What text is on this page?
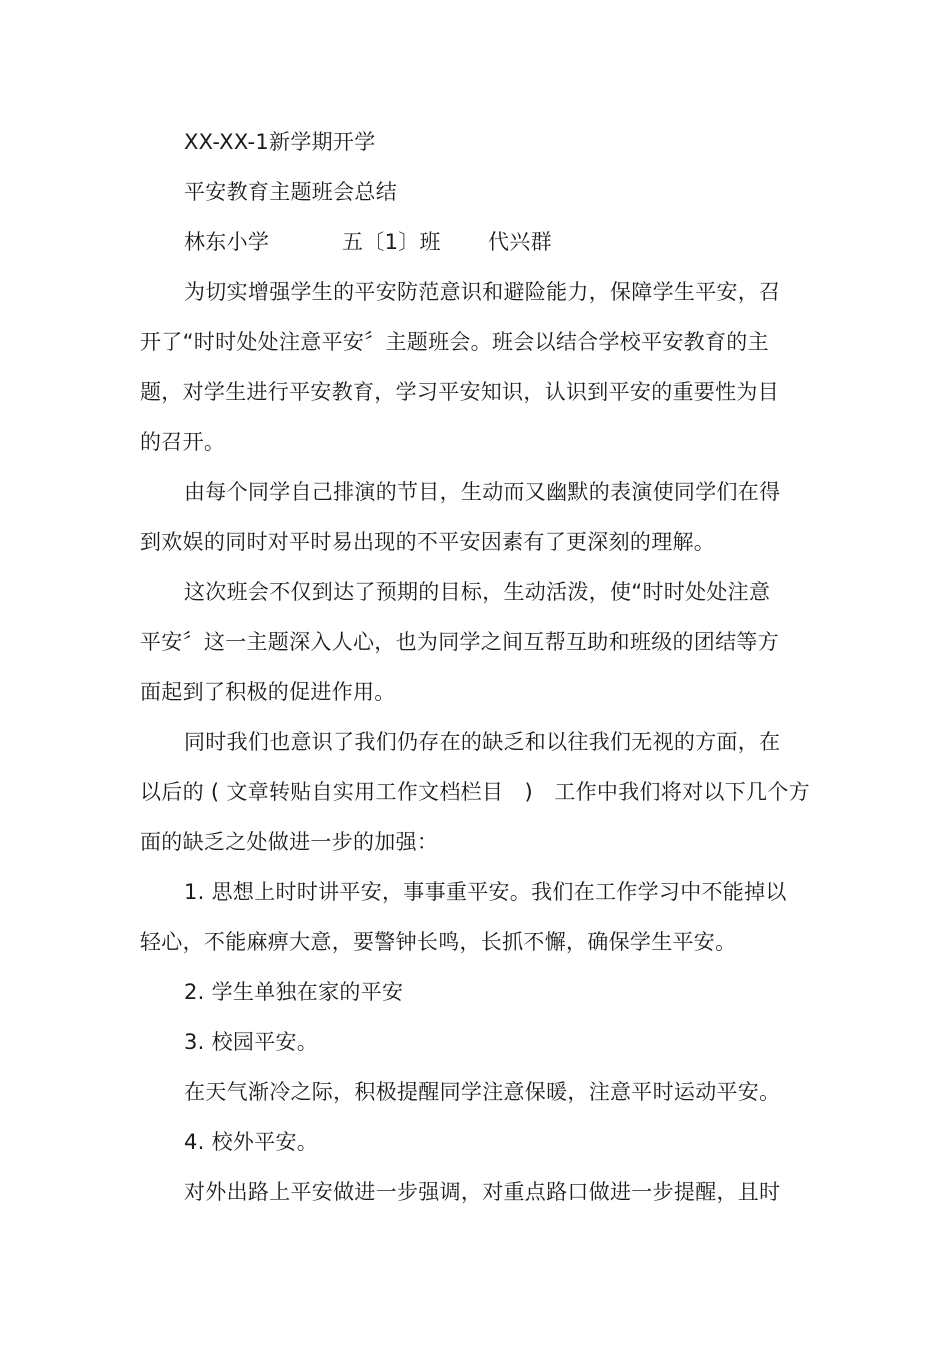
XX-XX-1新学期开学
平安教育主题班会总结
林东小学	五〔1〕班 代兴群
为切实增强学生的平安防范意识和避险能力，保障学生平安，召
开了“时时处处注意平安〞主题班会。班会以结合学校平安教育的主
题，对学生进行平安教育，学习平安知识，认识到平安的重要性为目
的召开。
由每个同学自己排演的节目，生动而又幽默的表演使同学们在得
到欢娱的同时对平时易出现的不平安因素有了更深刻的理解。
这次班会不仅到达了预期的目标，生动活泼，使“时时处处注意
平安〞这一主题深入人心，也为同学之间互帮互助和班级的团结等方
面起到了积极的促进作用。
同时我们也意识了我们仍存在的缺乏和以往我们无视的方面，在
以后的 ( 文章转贴自实用工作文档栏目　)　工作中我们将对以下几个方
面的缺乏之处做进一步的加强：
1. 思想上时时讲平安，事事重平安。我们在工作学习中不能掉以
轻心，不能麻痹大意，要警钟长鸣，长抓不懈，确保学生平安。
2. 学生单独在家的平安
3. 校园平安。
在天气渐冷之际，积极提醒同学注意保暖，注意平时运动平安。
4. 校外平安。
对外出路上平安做进一步强调，对重点路口做进一步提醒，且时
